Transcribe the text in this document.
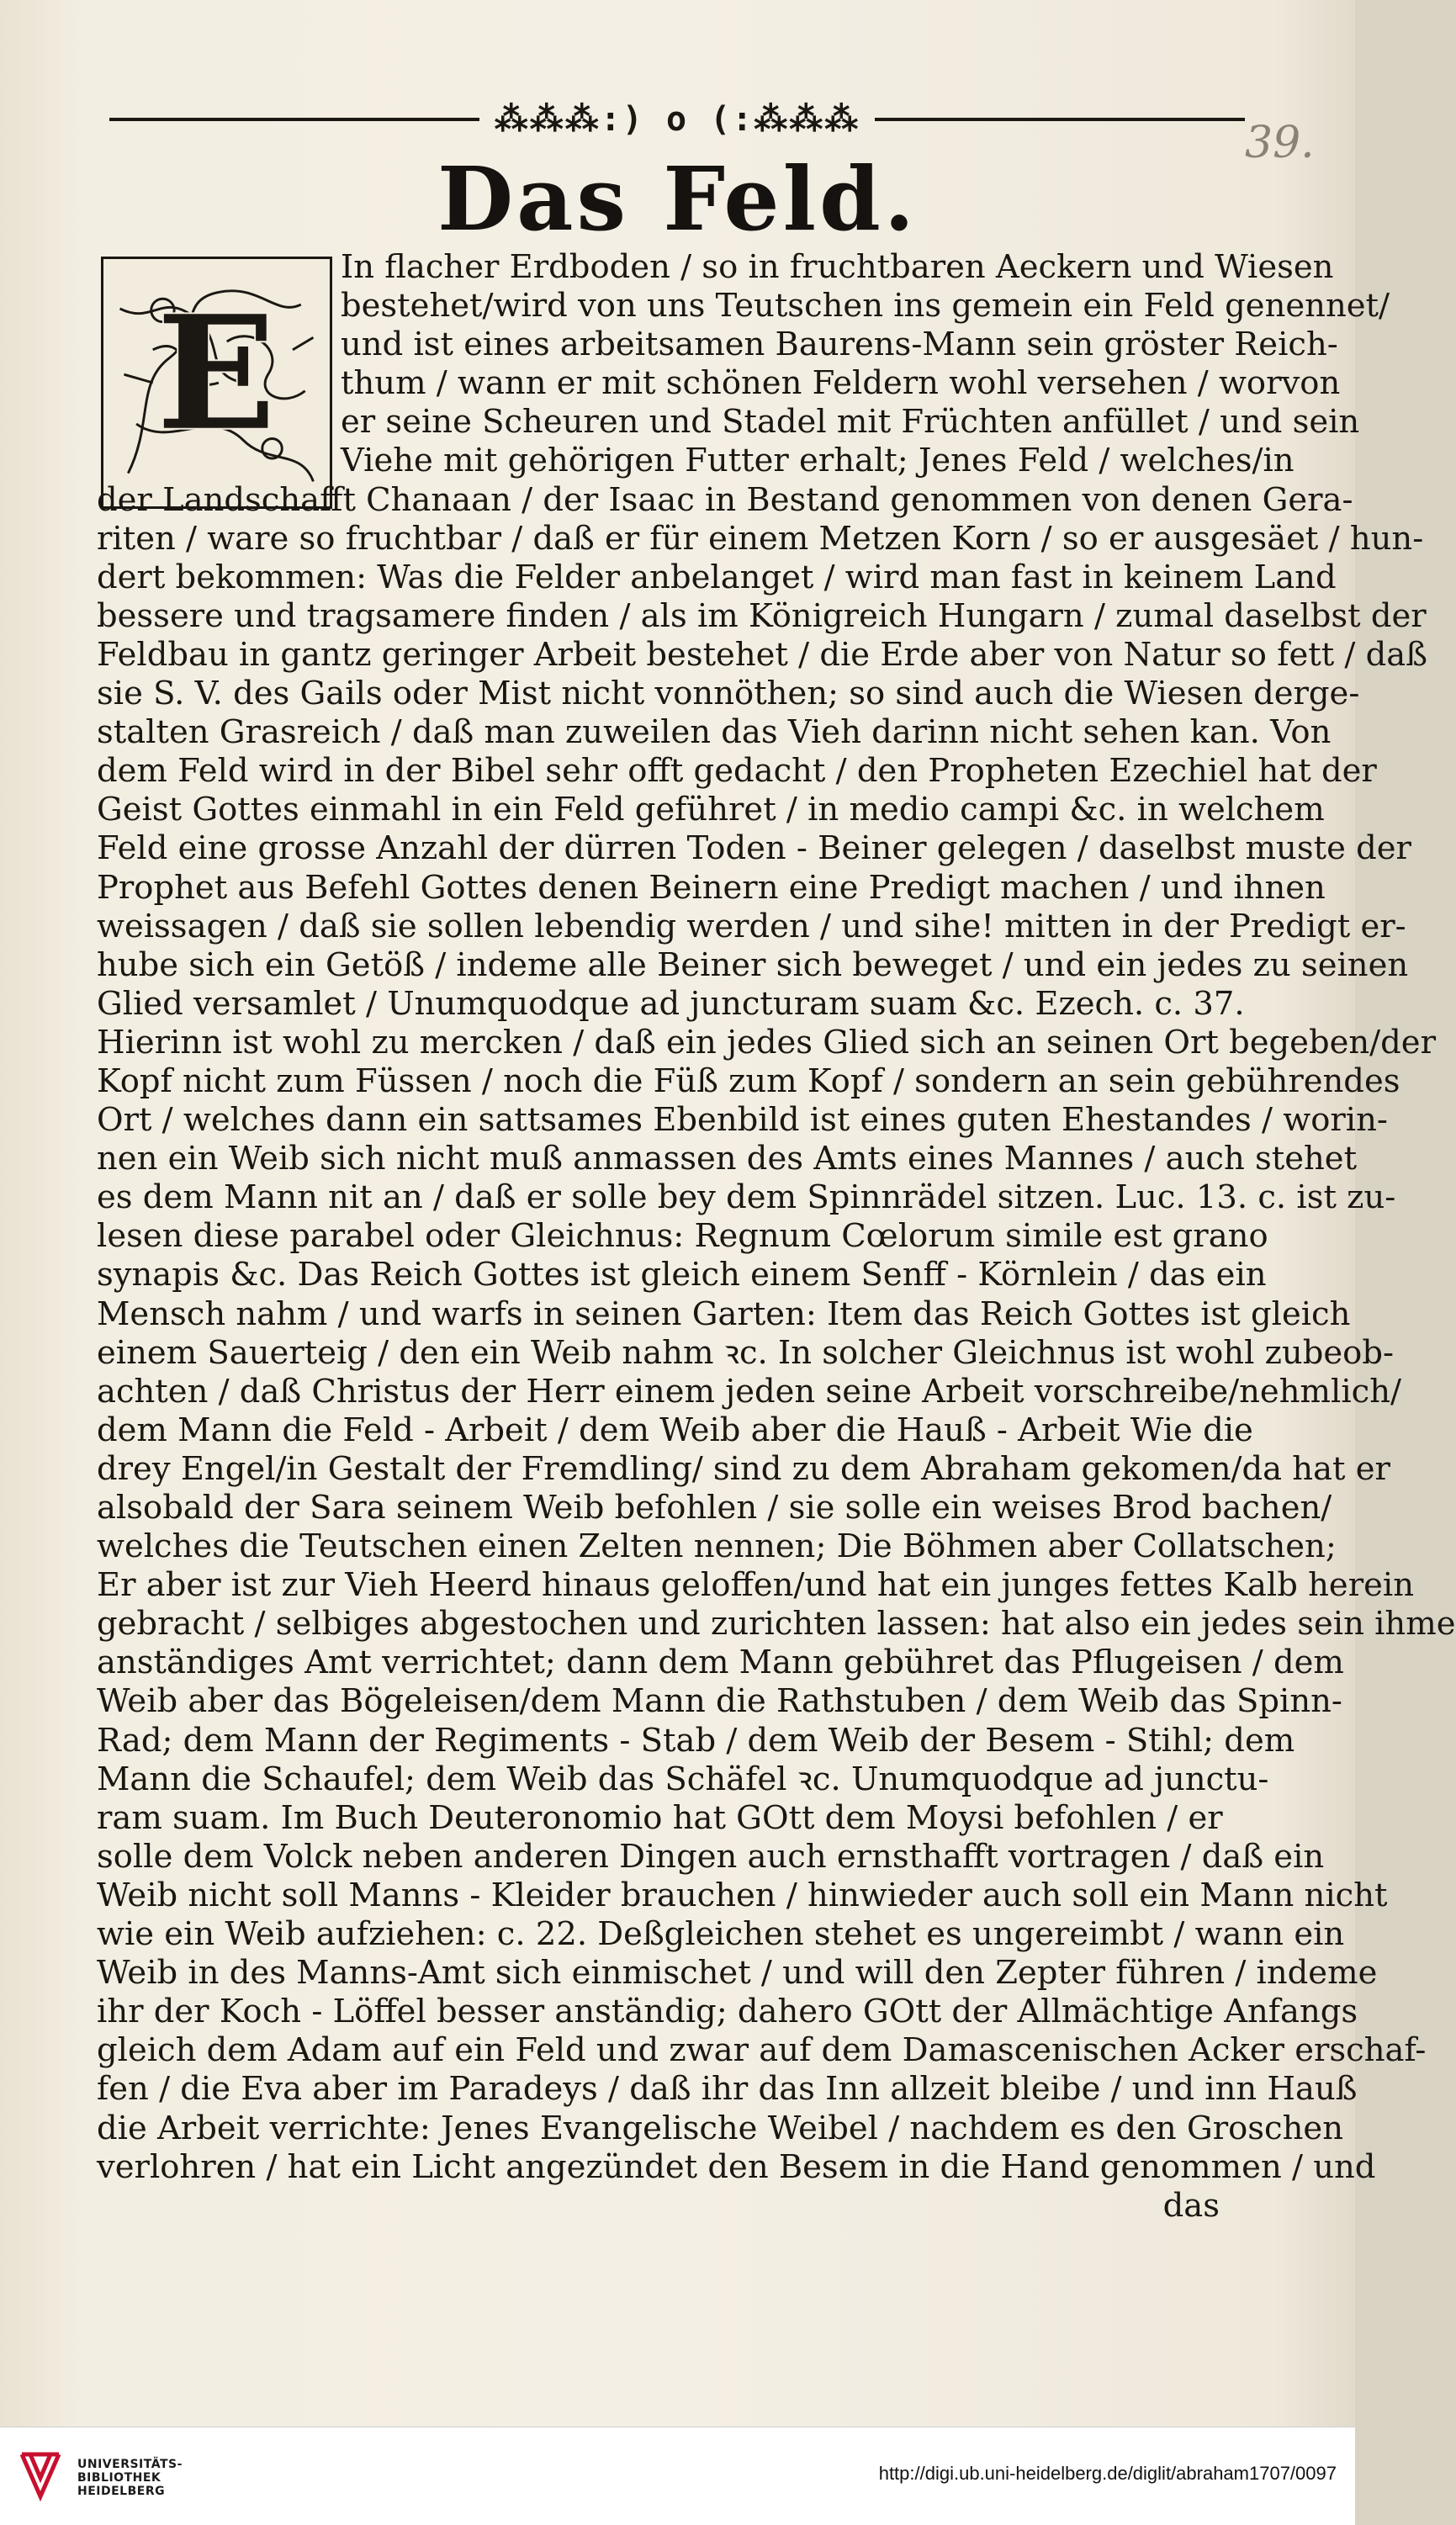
⁂⁂⁂:) o (:⁂⁂⁂	39.
Das Feld.
E
In flacher Erdboden / so in fruchtbaren Aeckern und Wiesen
bestehet/wird von uns Teutschen ins gemein ein Feld genennet/
und ist eines arbeitsamen Baurens-Mann sein gröster Reich-
thum / wann er mit schönen Feldern wohl versehen / worvon
er seine Scheuren und Stadel mit Früchten anfüllet / und sein
Viehe mit gehörigen Futter erhalt; Jenes Feld / welches/in
der Landschafft Chanaan / der Isaac in Bestand genommen von denen Gera-
riten / ware so fruchtbar / daß er für einem Metzen Korn / so er ausgesäet / hun-
dert bekommen: Was die Felder anbelanget / wird man fast in keinem Land
bessere und tragsamere finden / als im Königreich Hungarn / zumal daselbst der
Feldbau in gantz geringer Arbeit bestehet / die Erde aber von Natur so fett / daß
sie S. V. des Gails oder Mist nicht vonnöthen; so sind auch die Wiesen derge-
stalten Grasreich / daß man zuweilen das Vieh darinn nicht sehen kan. Von
dem Feld wird in der Bibel sehr offt gedacht / den Propheten Ezechiel hat der
Geist Gottes einmahl in ein Feld geführet / in medio campi &c. in welchem
Feld eine grosse Anzahl der dürren Toden - Beiner gelegen / daselbst muste der
Prophet aus Befehl Gottes denen Beinern eine Predigt machen / und ihnen
weissagen / daß sie sollen lebendig werden / und sihe! mitten in der Predigt er-
hube sich ein Getöß / indeme alle Beiner sich beweget / und ein jedes zu seinen
Glied versamlet / Unumquodque ad juncturam suam &c. Ezech. c. 37.
Hierinn ist wohl zu mercken / daß ein jedes Glied sich an seinen Ort begeben/der
Kopf nicht zum Füssen / noch die Füß zum Kopf / sondern an sein gebührendes
Ort / welches dann ein sattsames Ebenbild ist eines guten Ehestandes / worin-
nen ein Weib sich nicht muß anmassen des Amts eines Mannes / auch stehet
es dem Mann nit an / daß er solle bey dem Spinnrädel sitzen. Luc. 13. c. ist zu-
lesen diese parabel oder Gleichnus: Regnum Cœlorum simile est grano
synapis &c. Das Reich Gottes ist gleich einem Senff - Körnlein / das ein
Mensch nahm / und warfs in seinen Garten: Item das Reich Gottes ist gleich
einem Sauerteig / den ein Weib nahm ꝛc. In solcher Gleichnus ist wohl zubeob-
achten / daß Christus der Herr einem jeden seine Arbeit vorschreibe/nehmlich/
dem Mann die Feld - Arbeit / dem Weib aber die Hauß - Arbeit Wie die
drey Engel/in Gestalt der Fremdling/ sind zu dem Abraham gekomen/da hat er
alsobald der Sara seinem Weib befohlen / sie solle ein weises Brod bachen/
welches die Teutschen einen Zelten nennen; Die Böhmen aber Collatschen;
Er aber ist zur Vieh Heerd hinaus geloffen/und hat ein junges fettes Kalb herein
gebracht / selbiges abgestochen und zurichten lassen: hat also ein jedes sein ihme
anständiges Amt verrichtet; dann dem Mann gebühret das Pflugeisen / dem
Weib aber das Bögeleisen/dem Mann die Rathstuben / dem Weib das Spinn-
Rad; dem Mann der Regiments - Stab / dem Weib der Besem - Stihl; dem
Mann die Schaufel; dem Weib das Schäfel ꝛc. Unumquodque ad junctu-
ram suam. Im Buch Deuteronomio hat GOtt dem Moysi befohlen / er
solle dem Volck neben anderen Dingen auch ernsthafft vortragen / daß ein
Weib nicht soll Manns - Kleider brauchen / hinwieder auch soll ein Mann nicht
wie ein Weib aufziehen: c. 22. Deßgleichen stehet es ungereimbt / wann ein
Weib in des Manns-Amt sich einmischet / und will den Zepter führen / indeme
ihr der Koch - Löffel besser anständig; dahero GOtt der Allmächtige Anfangs
gleich dem Adam auf ein Feld und zwar auf dem Damascenischen Acker erschaf-
fen / die Eva aber im Paradeys / daß ihr das Inn allzeit bleibe / und inn Hauß
die Arbeit verrichte: Jenes Evangelische Weibel / nachdem es den Groschen
verlohren / hat ein Licht angezündet den Besem in die Hand genommen / und
das
UNIVERSITÄTS-
BIBLIOTHEK
HEIDELBERG
http://digi.ub.uni-heidelberg.de/diglit/abraham1707/0097
